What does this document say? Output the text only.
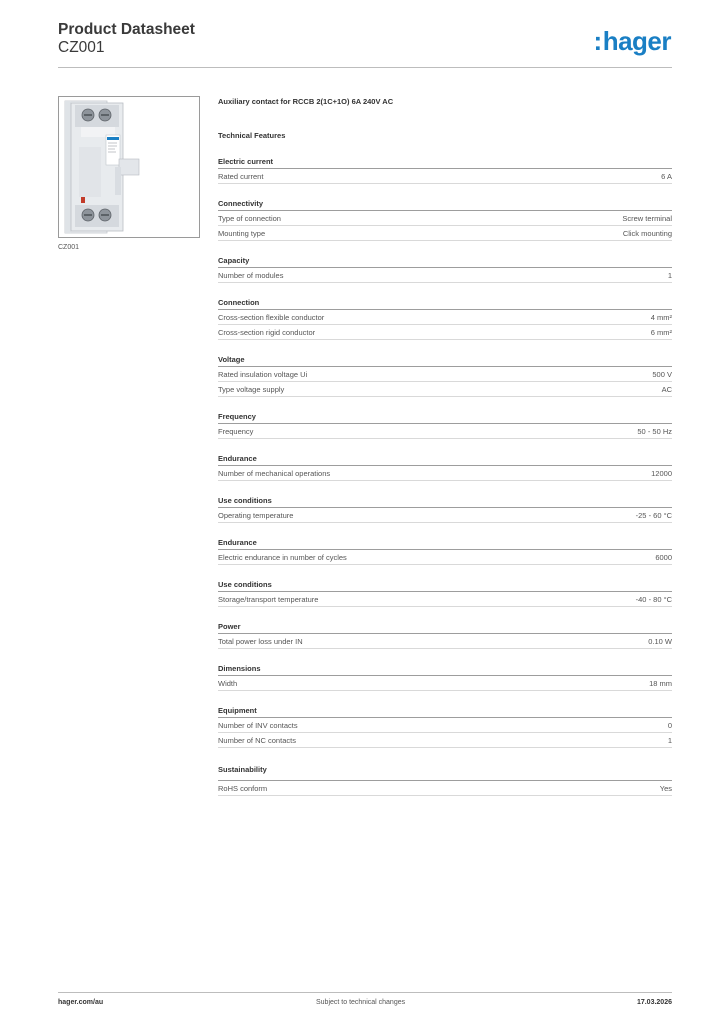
Product Datasheet
CZ001	:hager
CZ001
Auxiliary contact for RCCB 2(1C+1O) 6A 240V AC
Technical Features
Electric current
Rated current	6 A
Connectivity
Type of connection	Screw terminal
Mounting type	Click mounting
Capacity
Number of modules	1
Connection
Cross-section flexible conductor	4 mm²
Cross-section rigid conductor	6 mm²
Voltage
Rated insulation voltage Ui	500 V
Type voltage supply	AC
Frequency
Frequency	50 - 50 Hz
Endurance
Number of mechanical operations	12000
Use conditions
Operating temperature	-25 - 60 °C
Endurance
Electric endurance in number of cycles	6000
Use conditions
Storage/transport temperature	-40 - 80 °C
Power
Total power loss under IN	0.10 W
Dimensions
Width	18 mm
Equipment
Number of INV contacts	0
Number of NC contacts	1
Sustainability
RoHS conform	Yes
hager.com/au	Subject to technical changes	17.03.2026
